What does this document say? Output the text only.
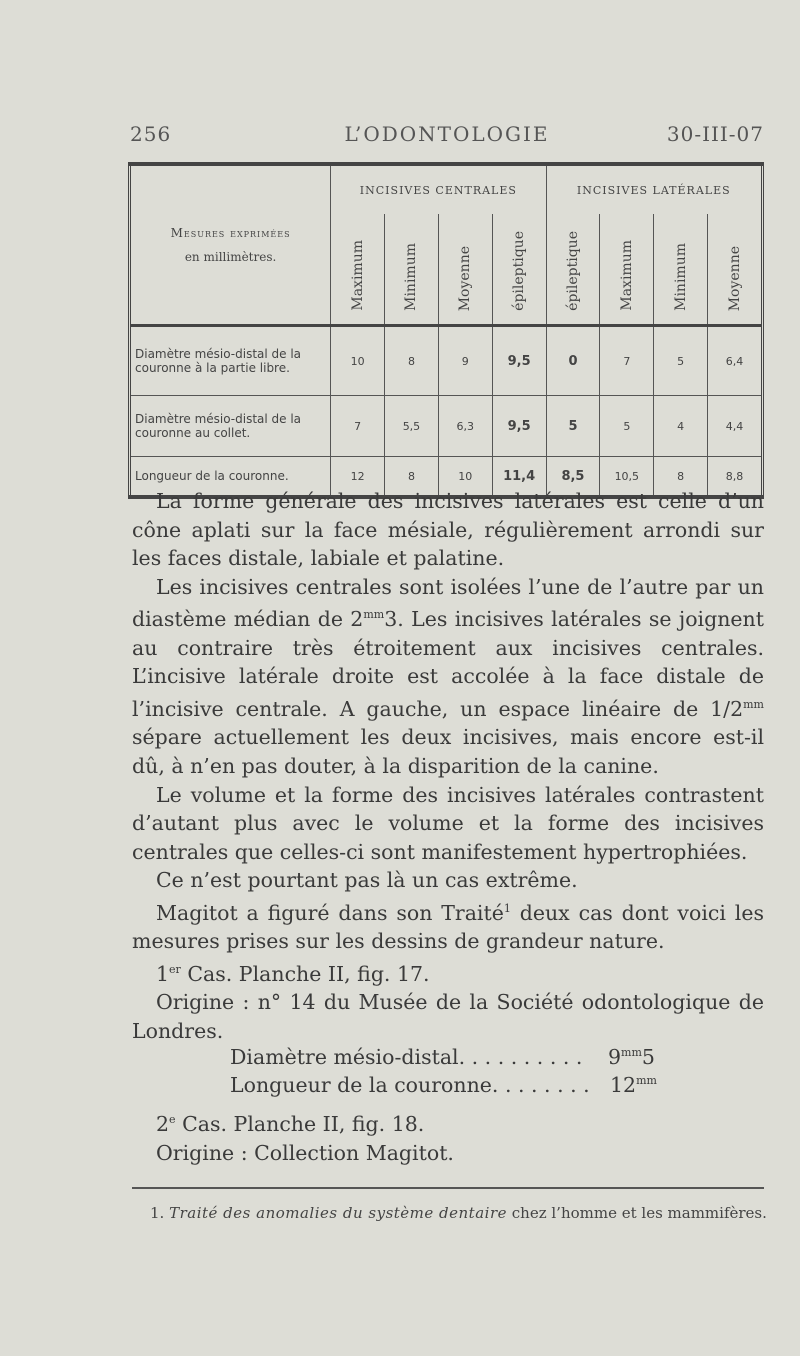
256	L’ODONTOLOGIE	30-III-07
Mesures exprimées
en millimètres.	INCISIVES CENTRALES				INCISIVES LATÉRALES			
	Maximum	Minimum	Moyenne	épileptique	épileptique	Maximum	Minimum	Moyenne
Diamètre mésio-distal de la couronne à la partie libre.	10	8	9	9,5	0	7	5	6,4
Diamètre mésio-distal de la couronne au collet.	7	5,5	6,3	9,5	5	5	4	4,4
Longueur de la couronne.	12	8	10	11,4	8,5	10,5	8	8,8

La forme générale des incisives latérales est celle d’un cône aplati sur la face mésiale, régulièrement arrondi sur les faces distale, labiale et palatine.

Les incisives centrales sont isolées l’une de l’autre par un diastème médian de $2^{mm}3$. Les incisives latérales se joignent au contraire très étroitement aux incisives centrales. L’incisive latérale droite est accolée à la face distale de l’incisive centrale. A gauche, un espace linéaire de $1/2^{mm}$ sépare actuellement les deux incisives, mais encore est-il dû, à n’en pas douter, à la disparition de la canine.

Le volume et la forme des incisives latérales contrastent d’autant plus avec le volume et la forme des incisives centrales que celles-ci sont manifestement hypertrophiées.

Ce n’est pourtant pas là un cas extrême.

Magitot a figuré dans son Traité$^1$ deux cas dont voici les mesures prises sur les dessins de grandeur nature.

1er Cas. Planche II, fig. 17.

Origine : n° 14 du Musée de la Société odontologique de Londres.

Diamètre mésio-distal. . . . . . . . . . $9^{mm}5$
Longueur de la couronne. . . . . . . . $12^{mm}$
2e Cas. Planche II, fig. 18.
Origine : Collection Magitot.
1. Traité des anomalies du système dentaire chez l’homme et les mammifères.
